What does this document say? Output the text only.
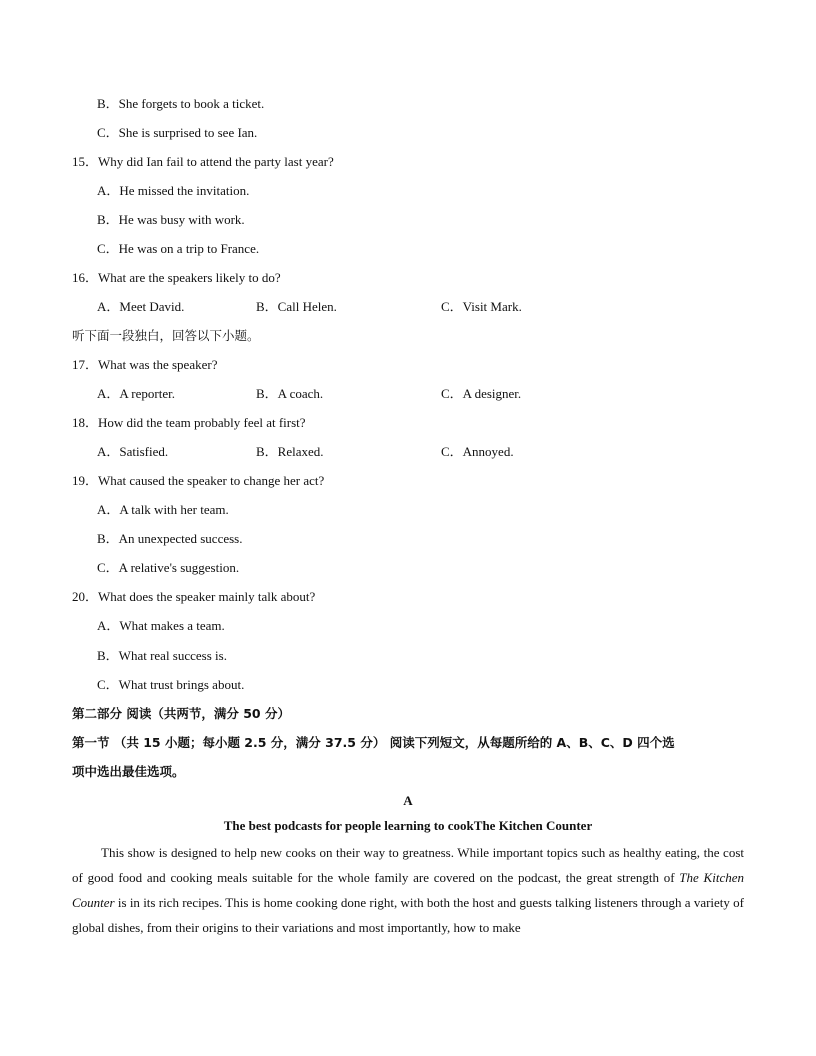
B．She forgets to book a ticket.
C．She is surprised to see Ian.
15．Why did Ian fail to attend the party last year?
A．He missed the invitation.
B．He was busy with work.
C．He was on a trip to France.
16．What are the speakers likely to do?
A．Meet David.	B．Call Helen.	C．Visit Mark.
听下面一段独白，回答以下小题。
17．What was the speaker?
A．A reporter.	B．A coach.	C．A designer.
18．How did the team probably feel at first?
A．Satisfied.	B．Relaxed.	C．Annoyed.
19．What caused the speaker to change her act?
A．A talk with her team.
B．An unexpected success.
C．A relative's suggestion.
20．What does the speaker mainly talk about?
A．What makes a team.
B．What real success is.
C．What trust brings about.
第二部分 阅读（共两节，满分 50 分）
第一节 （共 15 小题；每小题 2.5 分，满分 37.5 分） 阅读下列短文，从每题所给的 A、B、C、D 四个选
项中选出最佳选项。
A
The best podcasts for people learning to cookThe Kitchen Counter
This show is designed to help new cooks on their way to greatness. While important topics such as healthy eating, the cost of good food and cooking meals suitable for the whole family are covered on the podcast, the great strength of The Kitchen Counter is in its rich recipes. This is home cooking done right, with both the host and guests talking listeners through a variety of global dishes, from their origins to their variations and most importantly, how to make
